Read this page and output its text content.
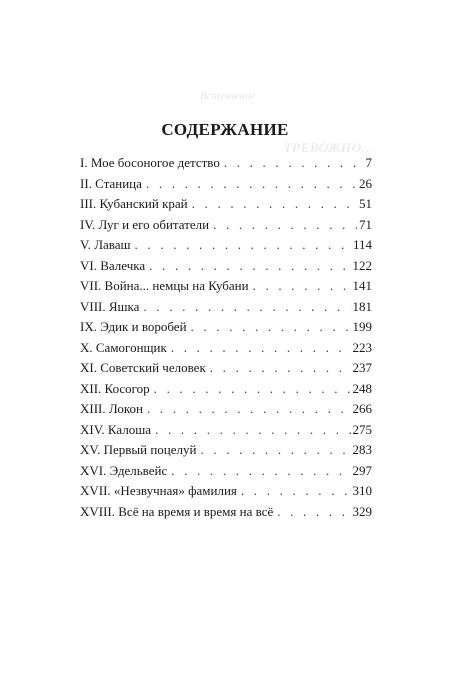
Вступление
ТРЕВОЖНО...
СОДЕРЖАНИЕ
I. Мое босоногое детство . . .	7
II. Станица . . .	26
III. Кубанский край . . .	51
IV. Луг и его обитатели . . .	71
V. Лаваш . . .	114
VI. Валечка . . .	122
VII. Война... немцы на Кубани . . .	141
VIII. Яшка . . .	181
IX. Эдик и воробей . . .	199
X. Самогонщик . . .	223
XI. Советский человек . . .	237
XII. Косогор . . .	248
XIII. Локон . . .	266
XIV. Калоша . . .	275
XV. Первый поцелуй . . .	283
XVI. Эдельвейс . . .	297
XVII. «Незвучная» фамилия . . .	310
XVIII. Всё на время и время на всё . . .	329
